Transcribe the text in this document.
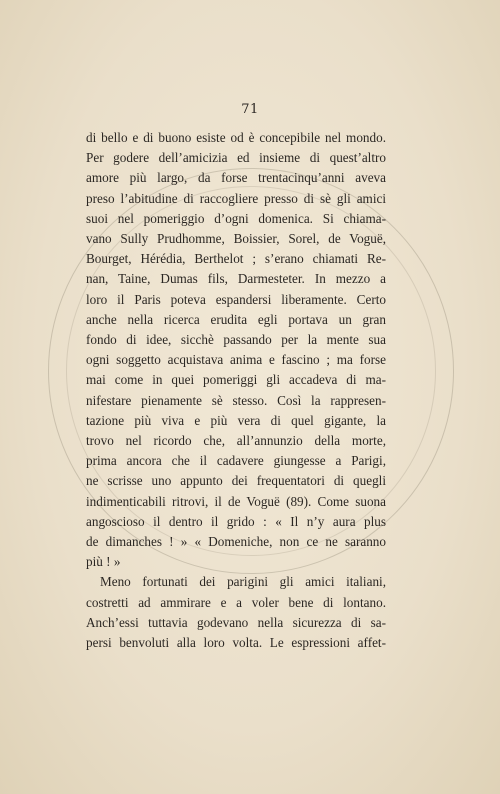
71
di bello e di buono esiste od è concepibile nel mondo.
Per godere dell’amicizia ed insieme di quest’altro
amore più largo, da forse trentacinqu’anni aveva
preso l’abitudine di raccogliere presso di sè gli amici
suoi nel pomeriggio d’ogni domenica. Si chiama-
vano Sully Prudhomme, Boissier, Sorel, de Voguë,
Bourget, Hérédia, Berthelot ; s’erano chiamati Re-
nan, Taine, Dumas fils, Darmesteter. In mezzo a
loro il Paris poteva espandersi liberamente. Certo
anche nella ricerca erudita egli portava un gran
fondo di idee, sicchè passando per la mente sua
ogni soggetto acquistava anima e fascino ; ma forse
mai come in quei pomeriggi gli accadeva di ma-
nifestare pienamente sè stesso. Così la rappresen-
tazione più viva e più vera di quel gigante, la
trovo nel ricordo che, all’annunzio della morte,
prima ancora che il cadavere giungesse a Parigi,
ne scrisse uno appunto dei frequentatori di quegli
indimenticabili ritrovi, il de Voguë (89). Come suona
angoscioso il dentro il grido : « Il n’y aura plus
de dimanches ! » « Domeniche, non ce ne saranno
più ! »
Meno fortunati dei parigini gli amici italiani,
costretti ad ammirare e a voler bene di lontano.
Anch’essi tuttavia godevano nella sicurezza di sa-
persi benvoluti alla loro volta. Le espressioni affet-
